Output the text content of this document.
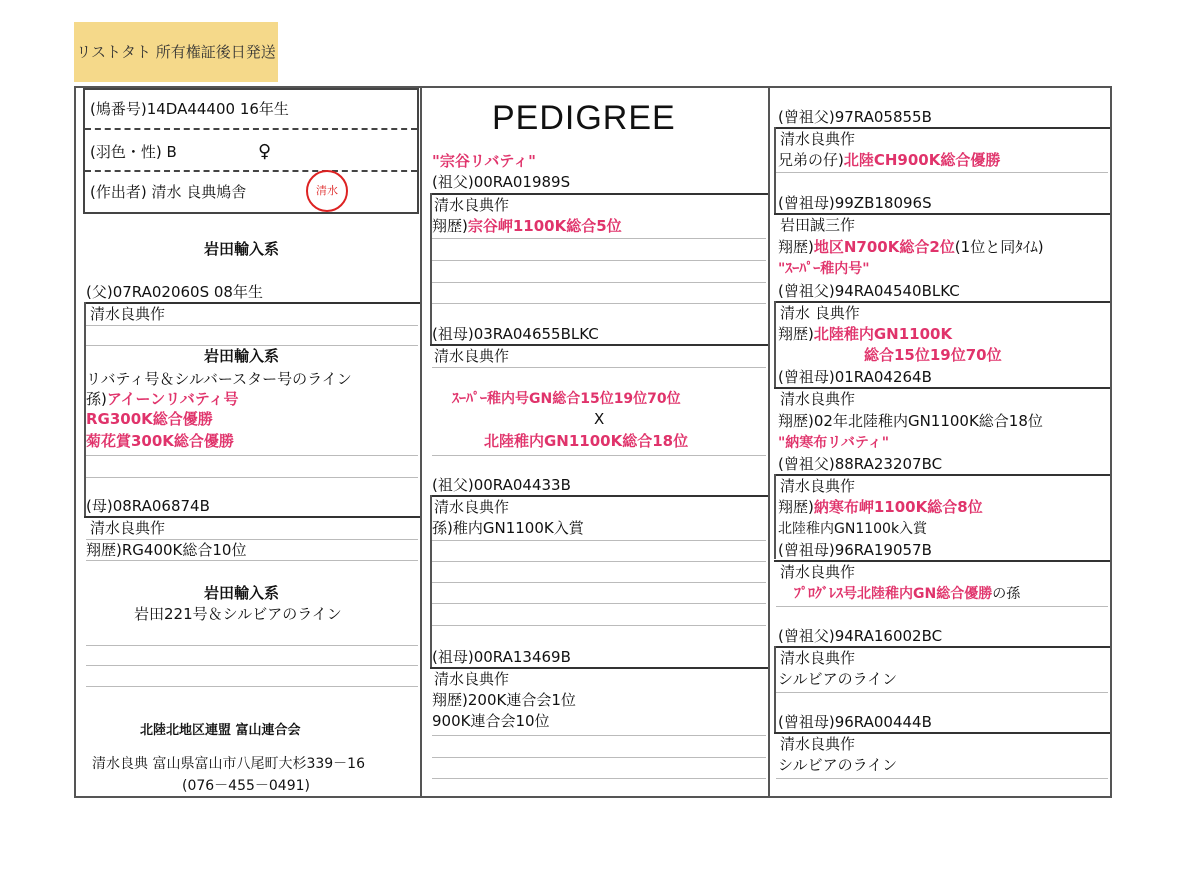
リストタト 所有権証後日発送
(鳩番号)14DA44400 16年生
(羽色・性) B	♀
(作出者) 清水 良典鳩舎	清水
PEDIGREE
岩田輸入系
(父)07RA02060S 08年生
清水良典作
岩田輸入系
リバティ号＆シルバースター号のライン
孫)アイーンリバティ号
RG300K総合優勝
菊花賞300K総合優勝
(母)08RA06874B
清水良典作
翔歴)RG400K総合10位
岩田輸入系
岩田221号＆シルビアのライン
北陸北地区連盟 富山連合会
清水良典 富山県富山市八尾町大杉339－16
(076－455－0491)
"宗谷リバティ"
(祖父)00RA01989S
清水良典作
翔歴)宗谷岬1100K総合5位
(祖母)03RA04655BLKC
清水良典作
ｽｰﾊﾟｰ稚内号GN総合15位19位70位
X
北陸稚内GN1100K総合18位
(祖父)00RA04433B
清水良典作
孫)稚内GN1100K入賞
(祖母)00RA13469B
清水良典作
翔歴)200K連合会1位
900K連合会10位
(曾祖父)97RA05855B
清水良典作
兄弟の仔)北陸CH900K総合優勝
(曾祖母)99ZB18096S
岩田誠三作
翔歴)地区N700K総合2位(1位と同ﾀｲﾑ)
"ｽｰﾊﾟｰ稚内号"
(曾祖父)94RA04540BLKC
清水 良典作
翔歴)北陸稚内GN1100K
総合15位19位70位
(曾祖母)01RA04264B
清水良典作
翔歴)02年北陸稚内GN1100K総合18位
"納寒布リバティ"
(曾祖父)88RA23207BC
清水良典作
翔歴)納寒布岬1100K総合8位
北陸稚内GN1100k入賞
(曾祖母)96RA19057B
清水良典作
ﾌﾟﾛｸﾞﾚｽ号北陸稚内GN総合優勝の孫
(曾祖父)94RA16002BC
清水良典作
シルビアのライン
(曾祖母)96RA00444B
清水良典作
シルビアのライン
